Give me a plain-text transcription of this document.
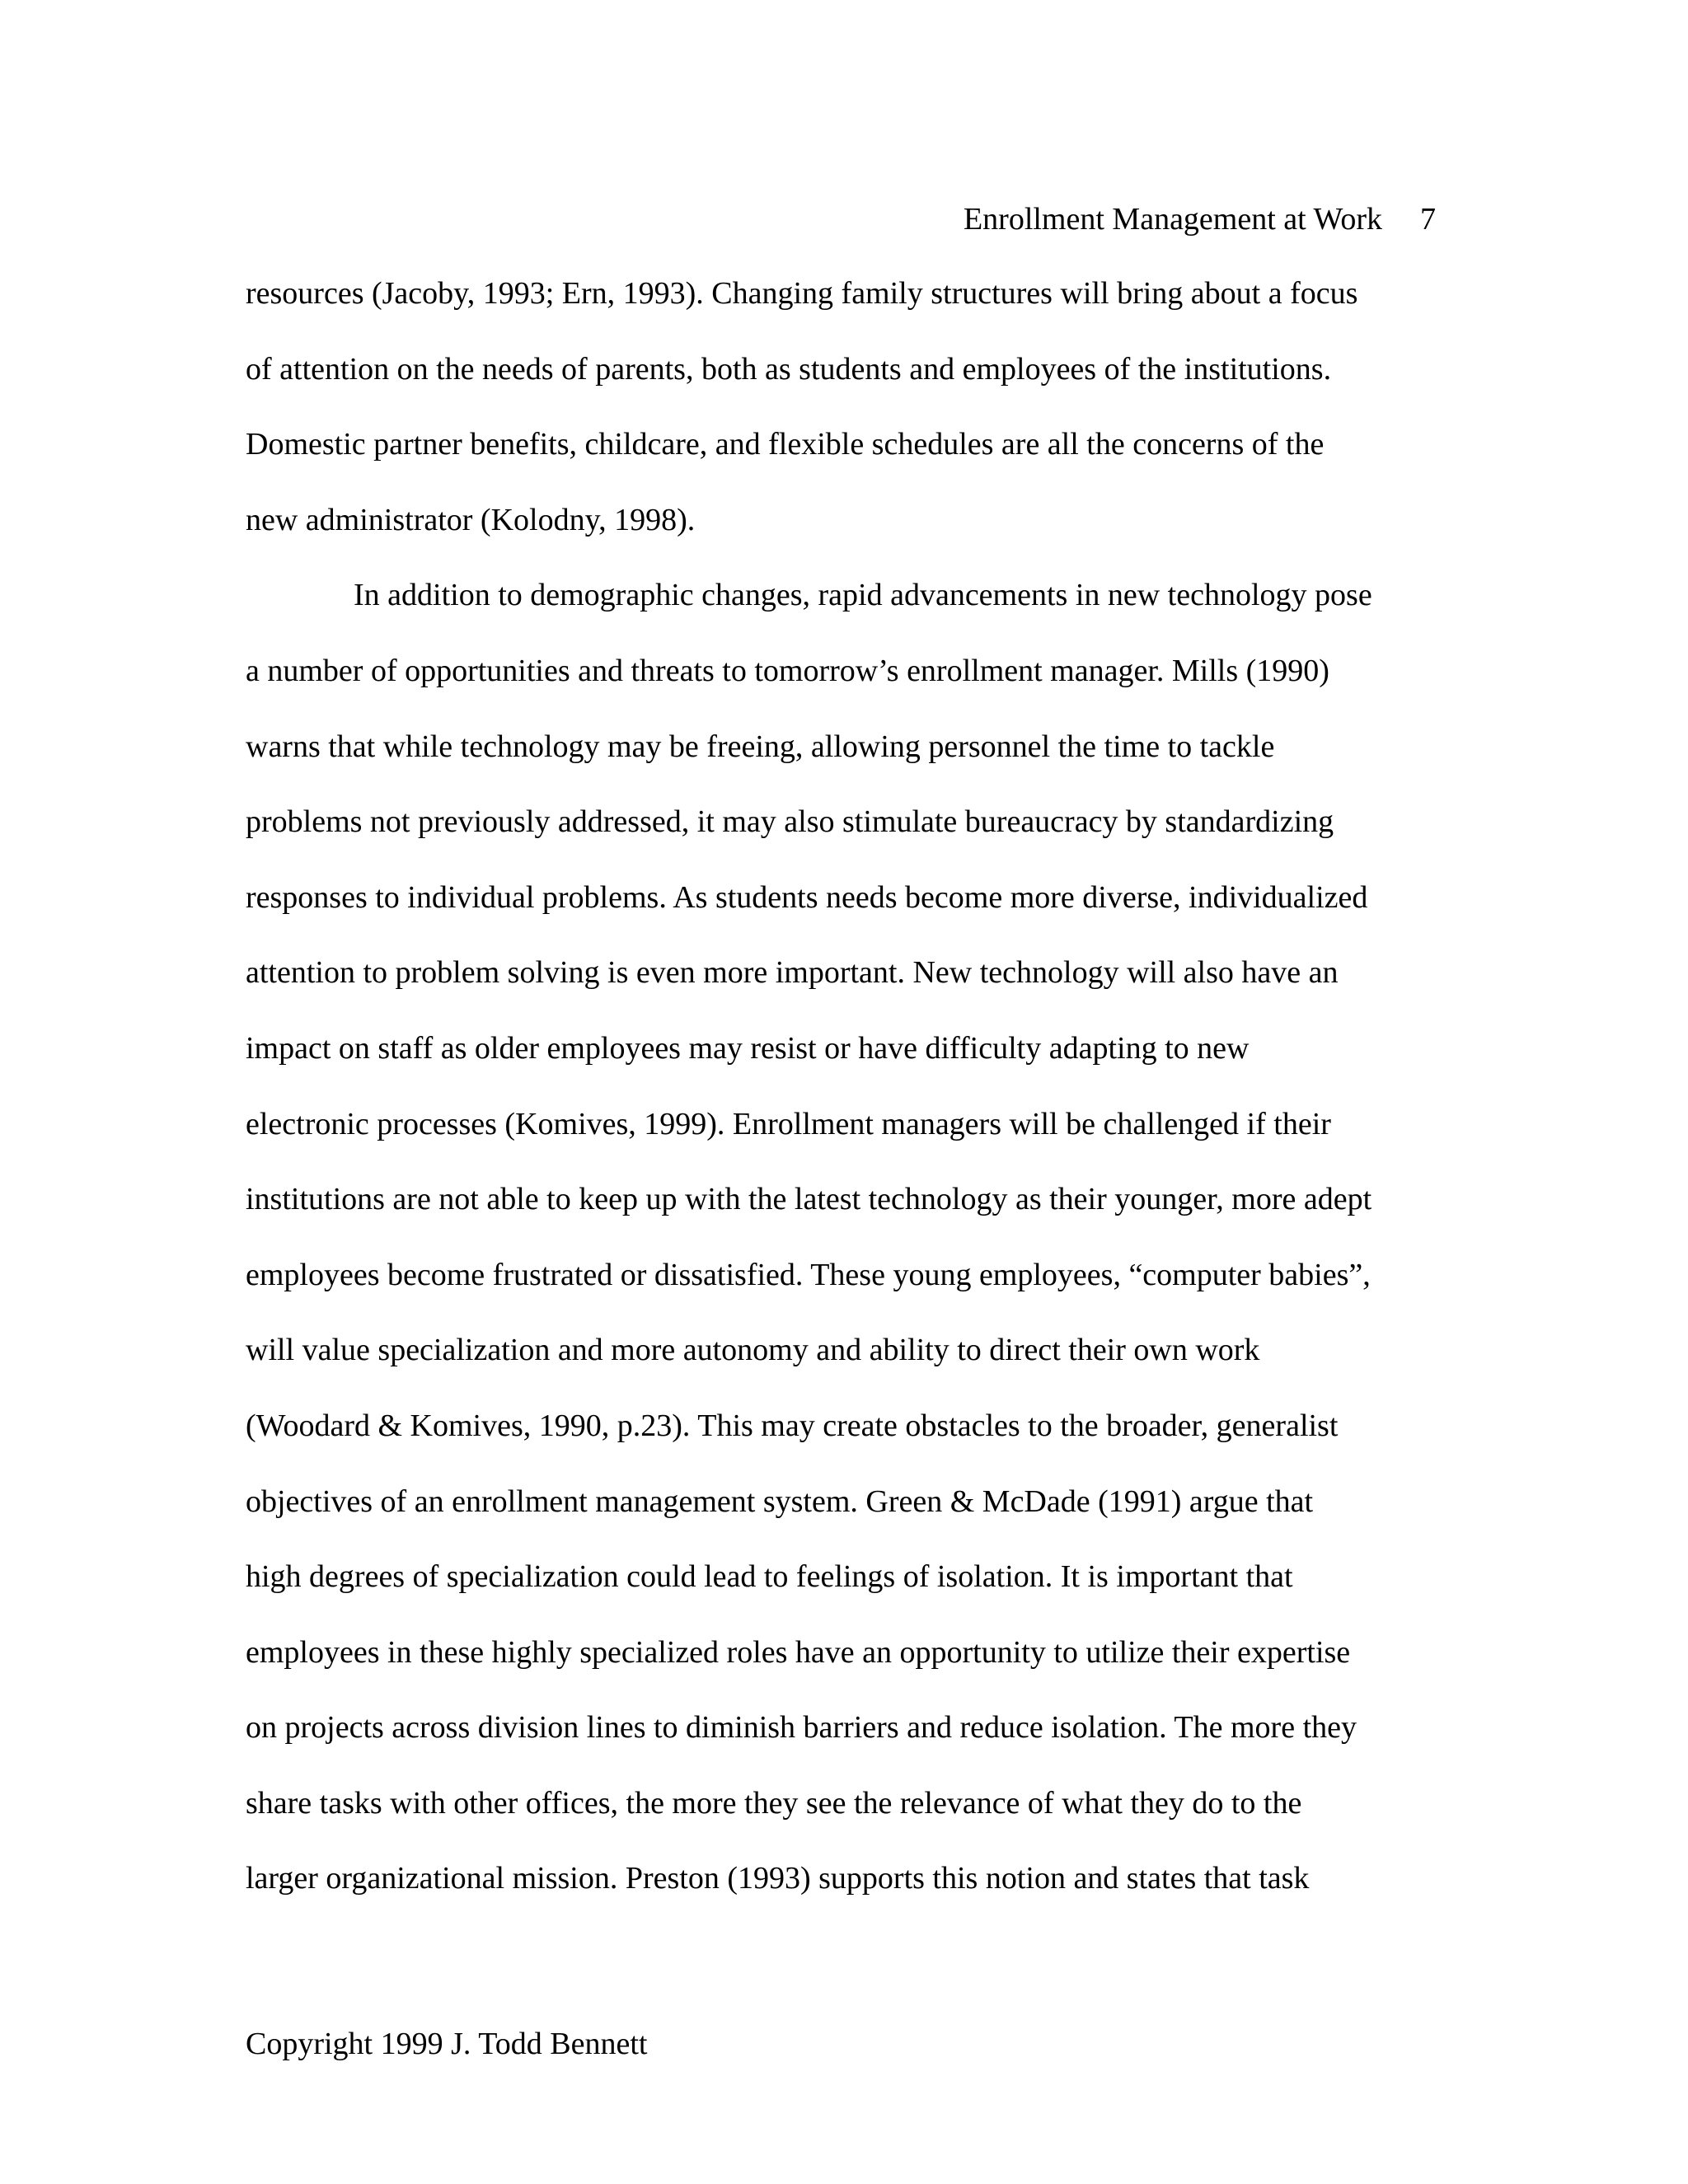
Enrollment Management at Work 7
resources (Jacoby, 1993; Ern, 1993). Changing family structures will bring about a focus
of attention on the needs of parents, both as students and employees of the institutions.
Domestic partner benefits, childcare, and flexible schedules are all the concerns of the
new administrator (Kolodny, 1998).
In addition to demographic changes, rapid advancements in new technology pose
a number of opportunities and threats to tomorrow’s enrollment manager. Mills (1990)
warns that while technology may be freeing, allowing personnel the time to tackle
problems not previously addressed, it may also stimulate bureaucracy by standardizing
responses to individual problems. As students needs become more diverse, individualized
attention to problem solving is even more important. New technology will also have an
impact on staff as older employees may resist or have difficulty adapting to new
electronic processes (Komives, 1999). Enrollment managers will be challenged if their
institutions are not able to keep up with the latest technology as their younger, more adept
employees become frustrated or dissatisfied. These young employees, “computer babies”,
will value specialization and more autonomy and ability to direct their own work
(Woodard & Komives, 1990, p.23). This may create obstacles to the broader, generalist
objectives of an enrollment management system. Green & McDade (1991) argue that
high degrees of specialization could lead to feelings of isolation. It is important that
employees in these highly specialized roles have an opportunity to utilize their expertise
on projects across division lines to diminish barriers and reduce isolation. The more they
share tasks with other offices, the more they see the relevance of what they do to the
larger organizational mission. Preston (1993) supports this notion and states that task
Copyright 1999 J. Todd Bennett
